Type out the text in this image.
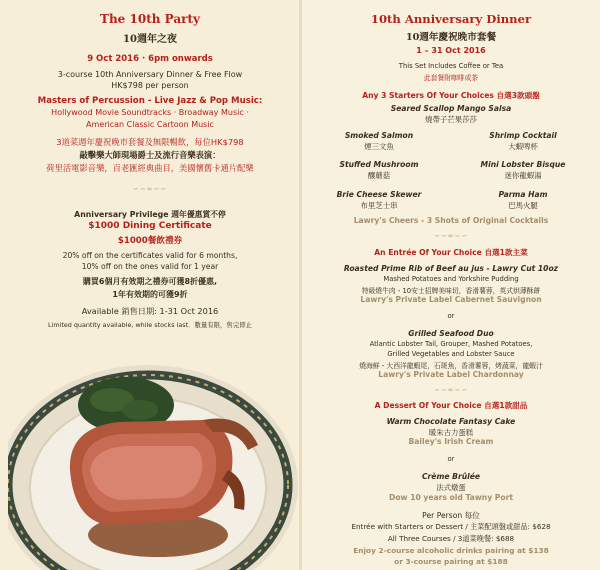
The 10th Party
10週年之夜
9 Oct 2016 · 6pm onwards
3-course 10th Anniversary Dinner & Free Flow
HK$798 per person
Masters of Percussion - Live Jazz & Pop Music:
Hollywood Movie Soundtracks · Broadway Music ·
American Classic Cartoon Music
3道菜週年慶祝晚市套餐及無限暢飲，每位HK$798
敲擊樂大師現場爵士及流行音樂表演：
荷里活電影音樂，百老匯經典曲目，美國懷舊卡通片配樂
∽∽∞∽∽
Anniversary Privilege 週年優惠賞不停
$1000 Dining Certificate
$1000餐飲禮券
20% off on the certificates valid for 6 months,
10% off on the ones valid for 1 year
購買6個月有效期之禮券可獲8折優惠,
1年有效期的可獲9折
Available 銷售日期: 1-31 Oct 2016
Limited quantity available, while stocks last．數量有限，售完即止
10th Anniversary Dinner
10週年慶祝晚市套餐
1 – 31 Oct 2016
This Set Includes Coffee or Tea
此套餐附咖啡或茶
Any 3 Starters Of Your Choices 自選3款頭盤
Seared Scallop Mango Salsa
燒帶子芒果莎莎
Smoked Salmon
煙三文魚
Shrimp Cocktail
大蝦啤杯
Stuffed Mushroom
釀蘑菇
Mini Lobster Bisque
迷你龍蝦湯
Brie Cheese Skewer
布里芝士串
Parma Ham
巴馬火腿
Lawry's Cheers - 3 Shots of Original Cocktails
∽∽∞∽∽
An Entrée Of Your Choice 自選1款主菜
Roasted Prime Rib of Beef au jus - Lawry Cut 10oz
Mashed Potatoes and Yorkshire Pudding
特級燒牛肉 - 10安士招牌美味切，香滑薯蓉，英式烘薄酥餅
Lawry's Private Label Cabernet Sauvignon
or
Grilled Seafood Duo
Atlantic Lobster Tail, Grouper, Mashed Potatoes,
Grilled Vegetables and Lobster Sauce
燒海鮮 - 大西洋龍蝦尾，石斑魚，香滑薯蓉，烤蔬菜，龍蝦汁
Lawry's Private Label Chardonnay
∽∽∞∽∽
A Dessert Of Your Choice 自選1款甜品
Warm Chocolate Fantasy Cake
暖朱古力蛋糕
Bailey's Irish Cream
or
Crème Brûlée
法式燉蛋
Dow 10 years old Tawny Port
Per Person 每位
Entrée with Starters or Dessert / 主菜配頭盤或甜品: $628
All Three Courses / 3道菜晚餐: $688
Enjoy 2-course alcoholic drinks pairing at $138
or 3-course pairing at $188
